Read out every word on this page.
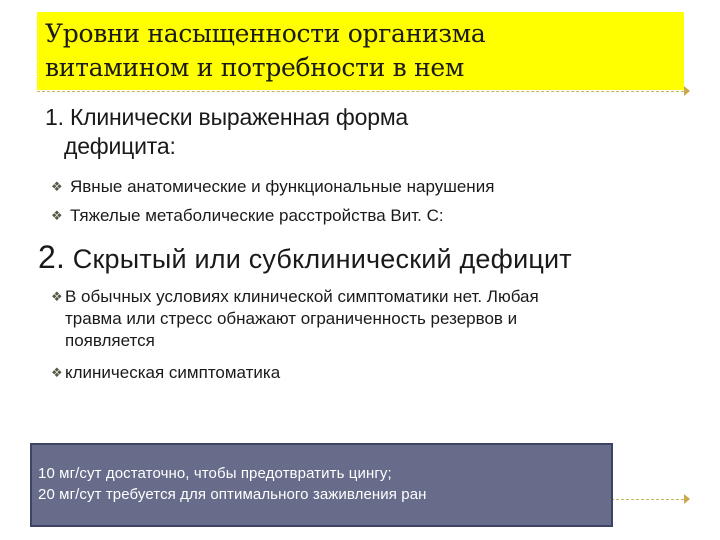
Уровни насыщенности организма
витамином и потребности в нем
1. Клинически выраженная форма
дефицита:
❖ Явные анатомические и функциональные нарушения
❖ Тяжелые метаболические расстройства Вит. С:
2. Скрытый или субклинический дефицит
❖ В обычных условиях клинической симптоматики нет. Любая
травма или стресс обнажают ограниченность резервов и
появляется
❖ клиническая симптоматика
10 мг/сут достаточно, чтобы предотвратить цингу;
20 мг/сут требуется для оптимального заживления ран
